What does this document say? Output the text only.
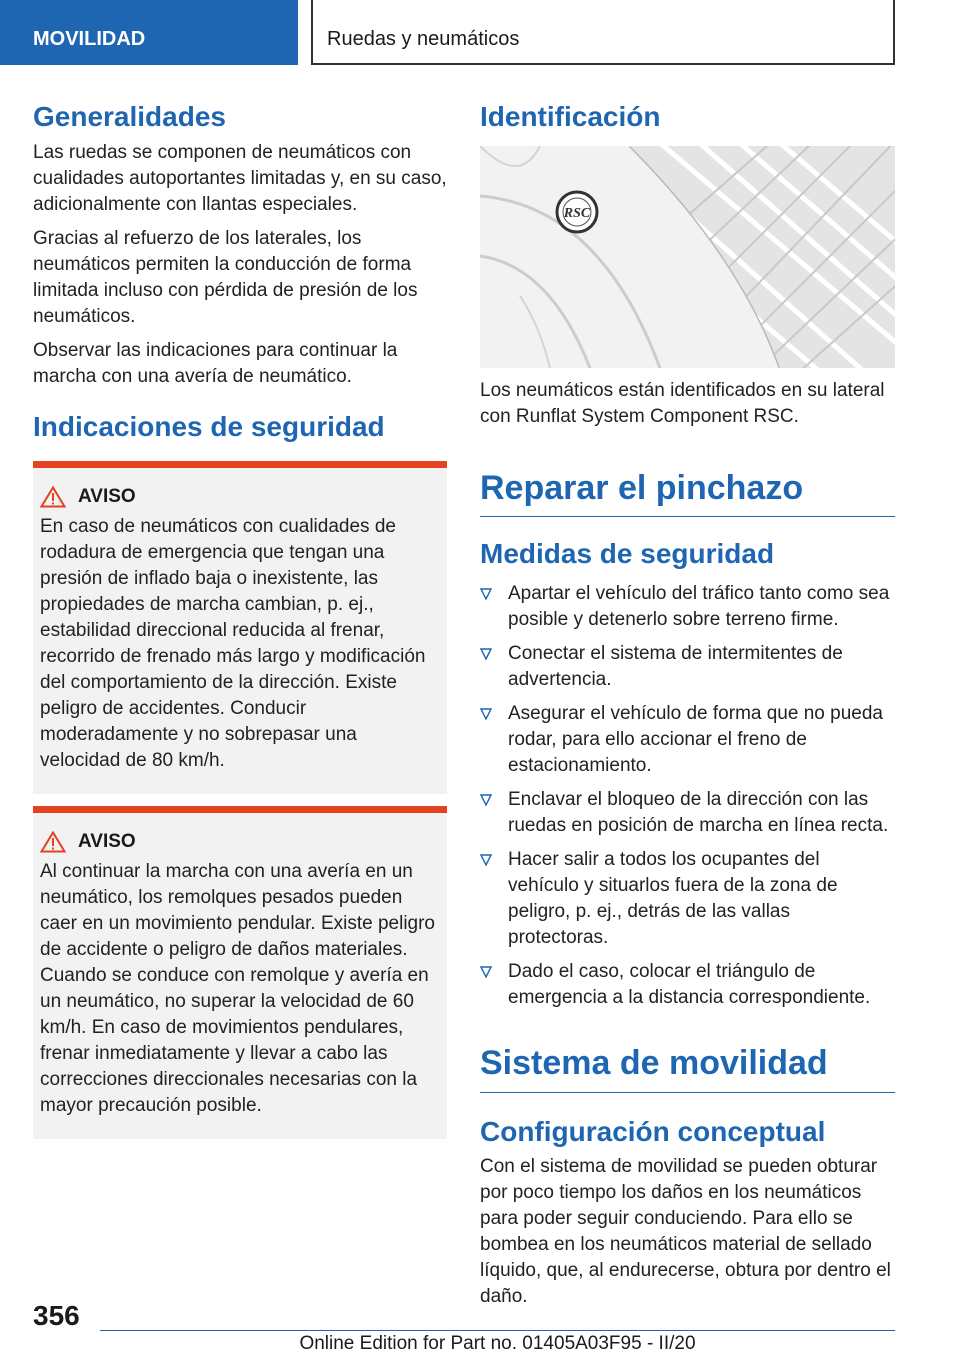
MOVILIDAD	Ruedas y neumáticos
Generalidades

Las ruedas se componen de neumáticos con cualidades autoportantes limitadas y, en su caso, adicionalmente con llantas especiales.

Gracias al refuerzo de los laterales, los neumáticos permiten la conducción de forma limitada incluso con pérdida de presión de los neumáticos.

Observar las indicaciones para continuar la marcha con una avería de neumático.

Indicaciones de seguridad
AVISO

En caso de neumáticos con cualidades de rodadura de emergencia que tengan una presión de inflado baja o inexistente, las propiedades de marcha cambian, p. ej., estabilidad direccional reducida al frenar, recorrido de frenado más largo y modificación del comportamiento de la dirección. Existe peligro de accidentes. Conducir moderadamente y no sobrepasar una velocidad de 80 km/h.

AVISO

Al continuar la marcha con una avería en un neumático, los remolques pesados pueden caer en un movimiento pendular. Existe peligro de accidente o peligro de daños materiales. Cuando se conduce con remolque y avería en un neumático, no superar la velocidad de 60 km/h. En caso de movimientos pendulares, frenar inmediatamente y llevar a cabo las correcciones direccionales necesarias con la mayor precaución posible.

Identificación
RSC

Los neumáticos están identificados en su lateral con Runflat System Component RSC.

Reparar el pinchazo
Medidas de seguridad
Apartar el vehículo del tráfico tanto como sea posible y detenerlo sobre terreno firme.
Conectar el sistema de intermitentes de advertencia.
Asegurar el vehículo de forma que no pueda rodar, para ello accionar el freno de estacionamiento.
Enclavar el bloqueo de la dirección con las ruedas en posición de marcha en línea recta.
Hacer salir a todos los ocupantes del vehículo y situarlos fuera de la zona de peligro, p. ej., detrás de las vallas protectoras.
Dado el caso, colocar el triángulo de emergencia a la distancia correspondiente.
Sistema de movilidad
Configuración conceptual

Con el sistema de movilidad se pueden obturar por poco tiempo los daños en los neumáticos para poder seguir conduciendo. Para ello se bombea en los neumáticos material de sellado líquido, que, al endurecerse, obtura por dentro el daño.

356
Online Edition for Part no. 01405A03F95 - II/20
